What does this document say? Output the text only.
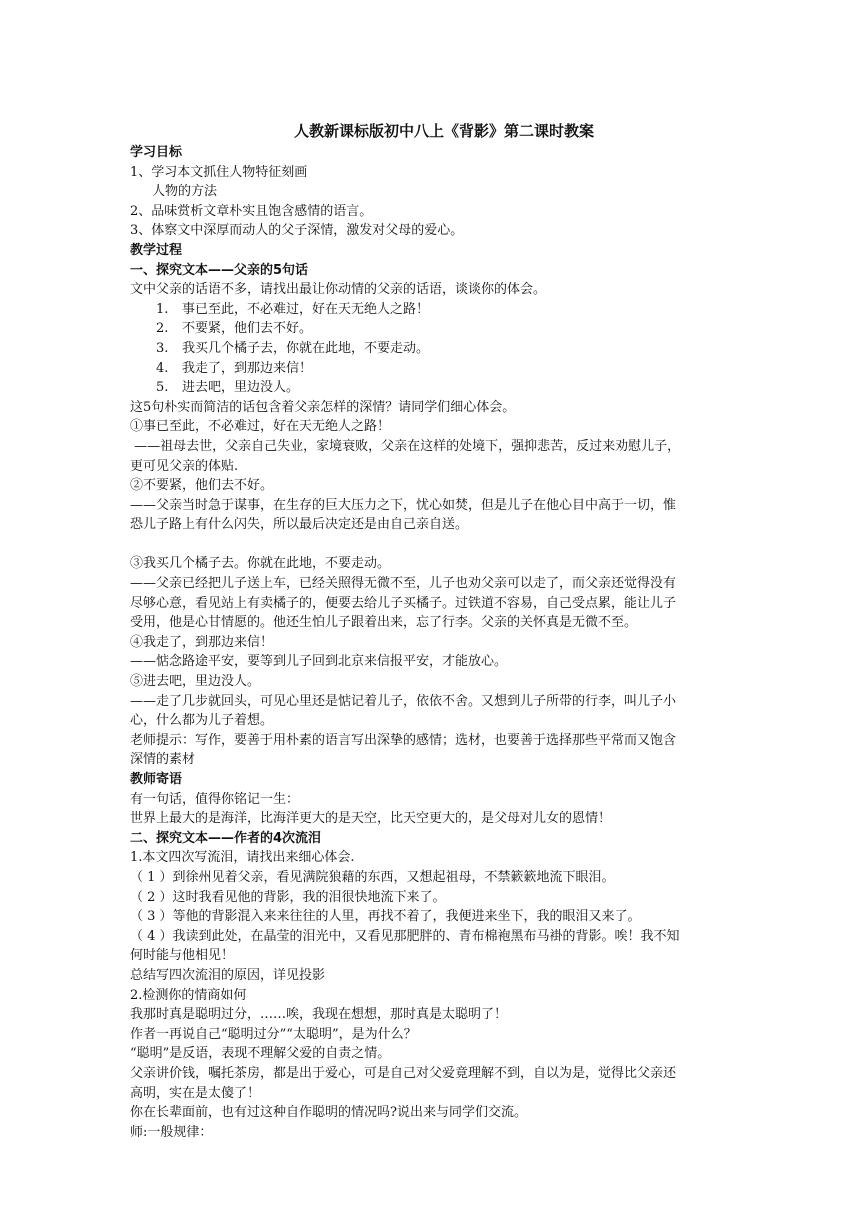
人教新课标版初中八上《背影》第二课时教案
学习目标
1、学习本文抓住人物特征刻画
人物的方法
2、品味赏析文章朴实且饱含感情的语言。
3、体察文中深厚而动人的父子深情，激发对父母的爱心。
教学过程
一、探究文本——父亲的5句话
文中父亲的话语不多，请找出最让你动情的父亲的话语，谈谈你的体会。
1. 事已至此，不必难过，好在天无绝人之路！
2. 不要紧，他们去不好。
3. 我买几个橘子去，你就在此地，不要走动。
4. 我走了，到那边来信！
5. 进去吧，里边没人。
这5句朴实而简洁的话包含着父亲怎样的深情？请同学们细心体会。
①事已至此，不必难过，好在天无绝人之路！
——祖母去世，父亲自己失业，家境衰败，父亲在这样的处境下，强抑悲苦，反过来劝慰儿子，
更可见父亲的体贴.
②不要紧，他们去不好。
——父亲当时急于谋事，在生存的巨大压力之下，忧心如焚，但是儿子在他心目中高于一切，惟
恐儿子路上有什么闪失，所以最后决定还是由自己亲自送。
③我买几个橘子去。你就在此地，不要走动。
——父亲已经把儿子送上车，已经关照得无微不至，儿子也劝父亲可以走了，而父亲还觉得没有
尽够心意，看见站上有卖橘子的，便要去给儿子买橘子。过铁道不容易，自己受点累，能让儿子
受用，他是心甘情愿的。他还生怕儿子跟着出来，忘了行李。父亲的关怀真是无微不至。
④我走了，到那边来信！
——惦念路途平安，要等到儿子回到北京来信报平安，才能放心。
⑤进去吧，里边没人。
——走了几步就回头，可见心里还是惦记着儿子，依依不舍。又想到儿子所带的行李，叫儿子小
心，什么都为儿子着想。
老师提示：写作，要善于用朴素的语言写出深挚的感情；选材，也要善于选择那些平常而又饱含
深情的素材
教师寄语
有一句话，值得你铭记一生：
世界上最大的是海洋，比海洋更大的是天空，比天空更大的，是父母对儿女的恩情！
二、探究文本——作者的4次流泪
1.本文四次写流泪，请找出来细心体会.
（ 1 ）到徐州见着父亲，看见满院狼藉的东西，又想起祖母，不禁簌簌地流下眼泪。
（ 2 ）这时我看见他的背影，我的泪很快地流下来了。
（ 3 ）等他的背影混入来来往往的人里，再找不着了，我便进来坐下，我的眼泪又来了。
（ 4 ）我读到此处，在晶莹的泪光中，又看见那肥胖的、青布棉袍黑布马褂的背影。唉！我不知
何时能与他相见！
总结写四次流泪的原因，详见投影
2.检测你的情商如何
我那时真是聪明过分，……唉，我现在想想，那时真是太聪明了！
作者一再说自己“聪明过分”“太聪明”，是为什么？
“聪明”是反语，表现不理解父爱的自责之情。
父亲讲价钱，嘱托茶房，都是出于爱心，可是自己对父爱竟理解不到，自以为是，觉得比父亲还
高明，实在是太傻了！
你在长辈面前，也有过这种自作聪明的情况吗?说出来与同学们交流。
师:一般规律：
